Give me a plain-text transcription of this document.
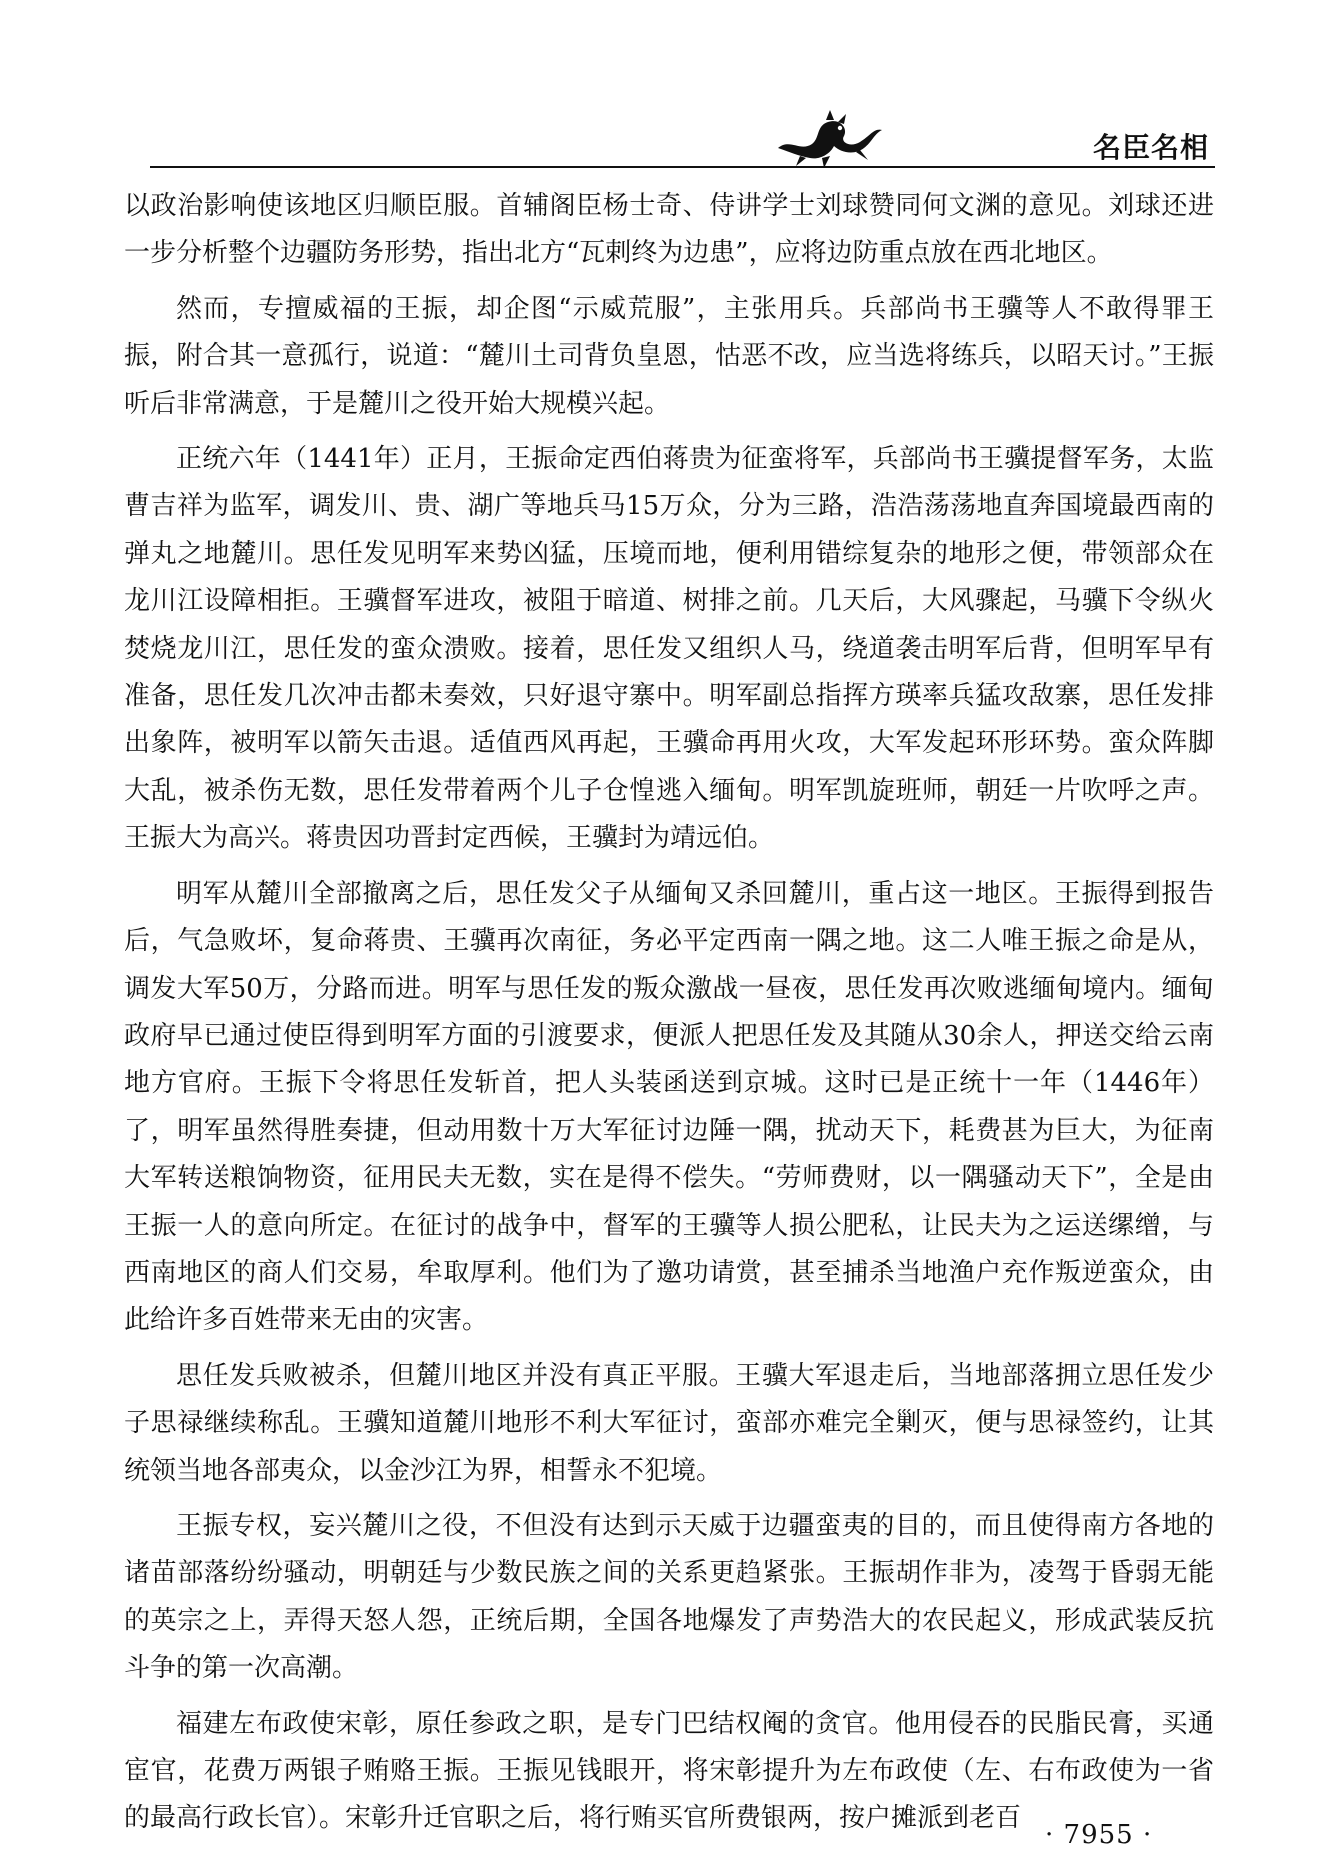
名臣名相

以政治影响使该地区归顺臣服。首辅阁臣杨士奇、侍讲学士刘球赞同何文渊的意见。刘球还进一步分析整个边疆防务形势，指出北方“瓦剌终为边患”，应将边防重点放在西北地区。

然而，专擅威福的王振，却企图“示威荒服”，主张用兵。兵部尚书王骥等人不敢得罪王振，附合其一意孤行，说道：“麓川土司背负皇恩，怙恶不改，应当选将练兵，以昭天讨。”王振听后非常满意，于是麓川之役开始大规模兴起。

正统六年（1441年）正月，王振命定西伯蒋贵为征蛮将军，兵部尚书王骥提督军务，太监曹吉祥为监军，调发川、贵、湖广等地兵马15万众，分为三路，浩浩荡荡地直奔国境最西南的弹丸之地麓川。思任发见明军来势凶猛，压境而地，便利用错综复杂的地形之便，带领部众在龙川江设障相拒。王骥督军进攻，被阻于暗道、树排之前。几天后，大风骤起，马骥下令纵火焚烧龙川江，思任发的蛮众溃败。接着，思任发又组织人马，绕道袭击明军后背，但明军早有准备，思任发几次冲击都未奏效，只好退守寨中。明军副总指挥方瑛率兵猛攻敌寨，思任发排出象阵，被明军以箭矢击退。适值西风再起，王骥命再用火攻，大军发起环形环势。蛮众阵脚大乱，被杀伤无数，思任发带着两个儿子仓惶逃入缅甸。明军凯旋班师，朝廷一片吹呼之声。王振大为高兴。蒋贵因功晋封定西候，王骥封为靖远伯。

明军从麓川全部撤离之后，思任发父子从缅甸又杀回麓川，重占这一地区。王振得到报告后，气急败坏，复命蒋贵、王骥再次南征，务必平定西南一隅之地。这二人唯王振之命是从，调发大军50万，分路而进。明军与思任发的叛众激战一昼夜，思任发再次败逃缅甸境内。缅甸政府早已通过使臣得到明军方面的引渡要求，便派人把思任发及其随从30余人，押送交给云南地方官府。王振下令将思任发斩首，把人头装函送到京城。这时已是正统十一年（1446年）了，明军虽然得胜奏捷，但动用数十万大军征讨边陲一隅，扰动天下，耗费甚为巨大，为征南大军转送粮饷物资，征用民夫无数，实在是得不偿失。“劳师费财，以一隅骚动天下”，全是由王振一人的意向所定。在征讨的战争中，督军的王骥等人损公肥私，让民夫为之运送缧缯，与西南地区的商人们交易，牟取厚利。他们为了邀功请赏，甚至捕杀当地渔户充作叛逆蛮众，由此给许多百姓带来无由的灾害。

思任发兵败被杀，但麓川地区并没有真正平服。王骥大军退走后，当地部落拥立思任发少子思禄继续称乱。王骥知道麓川地形不利大军征讨，蛮部亦难完全剿灭，便与思禄签约，让其统领当地各部夷众，以金沙江为界，相誓永不犯境。

王振专权，妄兴麓川之役，不但没有达到示天威于边疆蛮夷的目的，而且使得南方各地的诸苗部落纷纷骚动，明朝廷与少数民族之间的关系更趋紧张。王振胡作非为，凌驾于昏弱无能的英宗之上，弄得天怒人怨，正统后期，全国各地爆发了声势浩大的农民起义，形成武装反抗斗争的第一次高潮。

福建左布政使宋彰，原任参政之职，是专门巴结权阉的贪官。他用侵吞的民脂民膏，买通宦官，花费万两银子贿赂王振。王振见钱眼开，将宋彰提升为左布政使（左、右布政使为一省的最高行政长官）。宋彰升迁官职之后，将行贿买官所费银两，按户摊派到老百

· 7955 ·
